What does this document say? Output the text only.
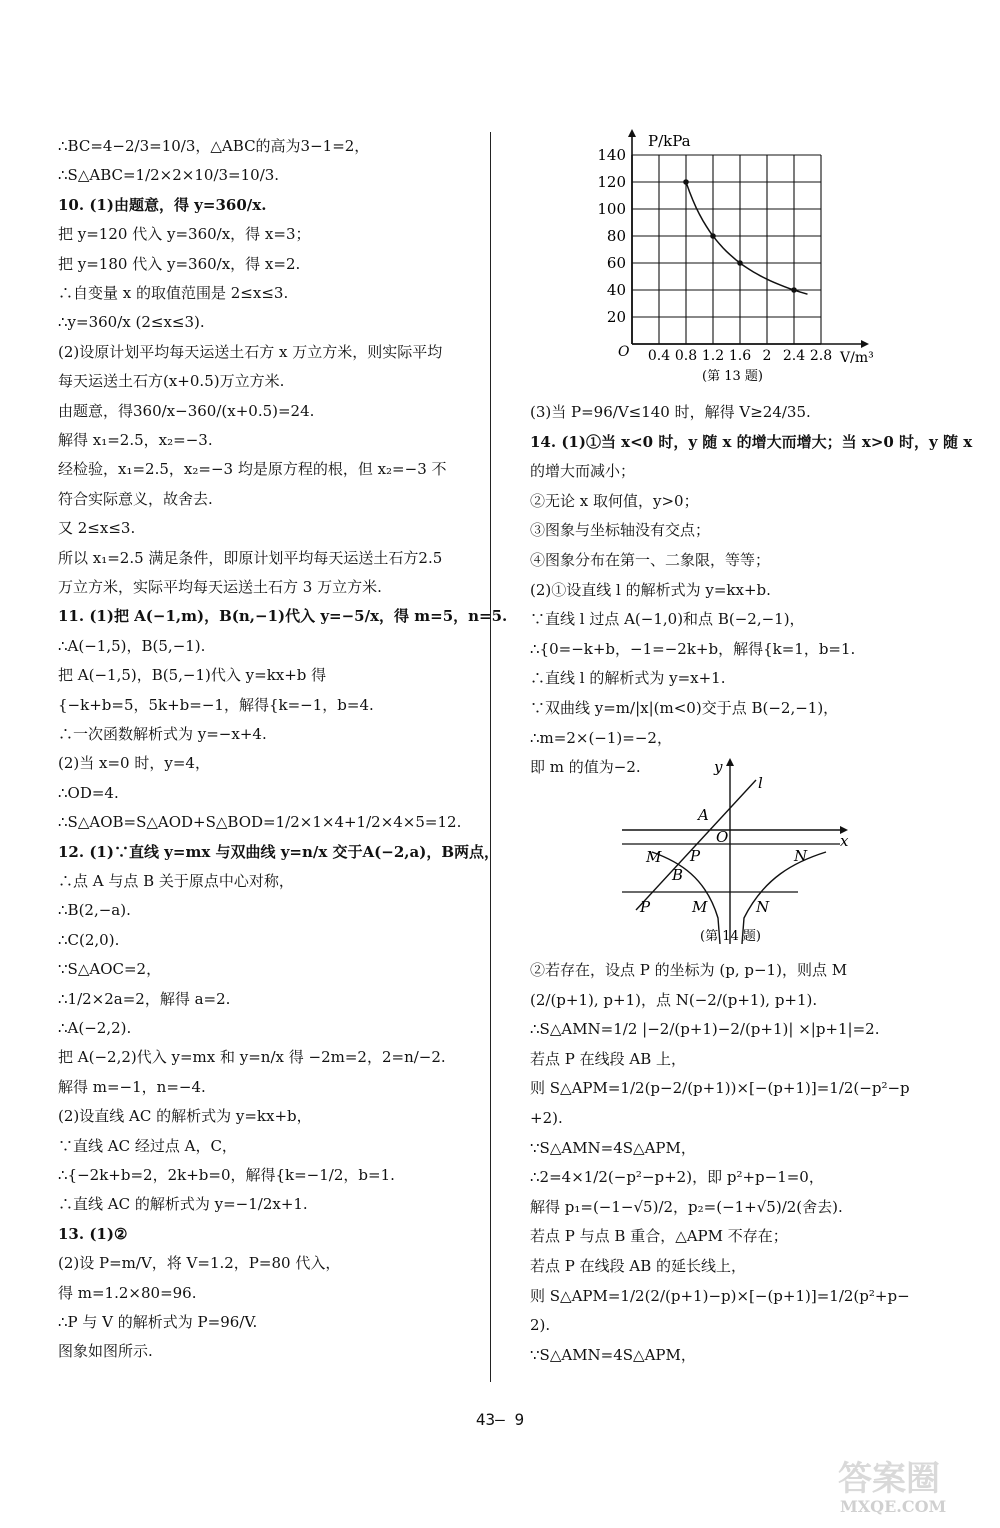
∴BC=4−2/3=10/3，△ABC的高为3−1=2，
∴S△ABC=1/2×2×10/3=10/3.
10. (1)由题意，得 y=360/x.
把 y=120 代入 y=360/x，得 x=3；
把 y=180 代入 y=360/x，得 x=2.
∴自变量 x 的取值范围是 2≤x≤3.
∴y=360/x (2≤x≤3).
(2)设原计划平均每天运送土石方 x 万立方米，则实际平均
每天运送土石方(x+0.5)万立方米.
由题意，得360/x−360/(x+0.5)=24.
解得 x₁=2.5，x₂=−3.
经检验，x₁=2.5，x₂=−3 均是原方程的根，但 x₂=−3 不
符合实际意义，故舍去.
又 2≤x≤3.
所以 x₁=2.5 满足条件，即原计划平均每天运送土石方2.5
万立方米，实际平均每天运送土石方 3 万立方米.
11. (1)把 A(−1,m)，B(n,−1)代入 y=−5/x，得 m=5，n=5.
∴A(−1,5)，B(5,−1).
把 A(−1,5)，B(5,−1)代入 y=kx+b 得
{−k+b=5，5k+b=−1，解得{k=−1，b=4.
∴一次函数解析式为 y=−x+4.
(2)当 x=0 时，y=4，
∴OD=4.
∴S△AOB=S△AOD+S△BOD=1/2×1×4+1/2×4×5=12.
12. (1)∵直线 y=mx 与双曲线 y=n/x 交于A(−2,a)，B两点，
∴点 A 与点 B 关于原点中心对称，
∴B(2,−a).
∴C(2,0).
∵S△AOC=2，
∴1/2×2a=2，解得 a=2.
∴A(−2,2).
把 A(−2,2)代入 y=mx 和 y=n/x 得 −2m=2，2=n/−2.
解得 m=−1，n=−4.
(2)设直线 AC 的解析式为 y=kx+b，
∵直线 AC 经过点 A，C，
∴{−2k+b=2，2k+b=0，解得{k=−1/2，b=1.
∴直线 AC 的解析式为 y=−1/2x+1.
13. (1)②
(2)设 P=m/V，将 V=1.2，P=80 代入，
得 m=1.2×80=96.
∴P 与 V 的解析式为 P=96/V.
图象如图所示.
(3)当 P=96/V≤140 时，解得 V≥24/35.
14. (1)①当 x<0 时，y 随 x 的增大而增大；当 x>0 时，y 随 x
的增大而减小；
②无论 x 取何值，y>0；
③图象与坐标轴没有交点；
④图象分布在第一、二象限，等等；
(2)①设直线 l 的解析式为 y=kx+b.
∵直线 l 过点 A(−1,0)和点 B(−2,−1)，
∴{0=−k+b，−1=−2k+b，解得{k=1，b=1.
∴直线 l 的解析式为 y=x+1.
∵双曲线 y=m/|x|(m<0)交于点 B(−2,−1)，
∴m=2×(−1)=−2，
即 m 的值为−2.
②若存在，设点 P 的坐标为 (p, p−1)，则点 M
(2/(p+1), p+1)，点 N(−2/(p+1), p+1).
∴S△AMN=1/2 |−2/(p+1)−2/(p+1)| ×|p+1|=2.
若点 P 在线段 AB 上，
则 S△APM=1/2(p−2/(p+1))×[−(p+1)]=1/2(−p²−p
+2).
∵S△AMN=4S△APM，
∴2=4×1/2(−p²−p+2)，即 p²+p−1=0，
解得 p₁=(−1−√5)/2，p₂=(−1+√5)/2(舍去).
若点 P 与点 B 重合，△APM 不存在；
若点 P 在线段 AB 的延长线上，
则 S△APM=1/2(2/(p+1)−p)×[−(p+1)]=1/2(p²+p−
2).
∵S△AMN=4S△APM，
P/kPa
V/m³
O
140
120
100
80
60
40
20
0.4 0.8 1.2 1.6 2 2.4 2.8
(第 13 题)
y
l
x
A
O
M P	N
B
P	M	N
(第 14 题)
43— 9
答案圈
MXQE.COM
